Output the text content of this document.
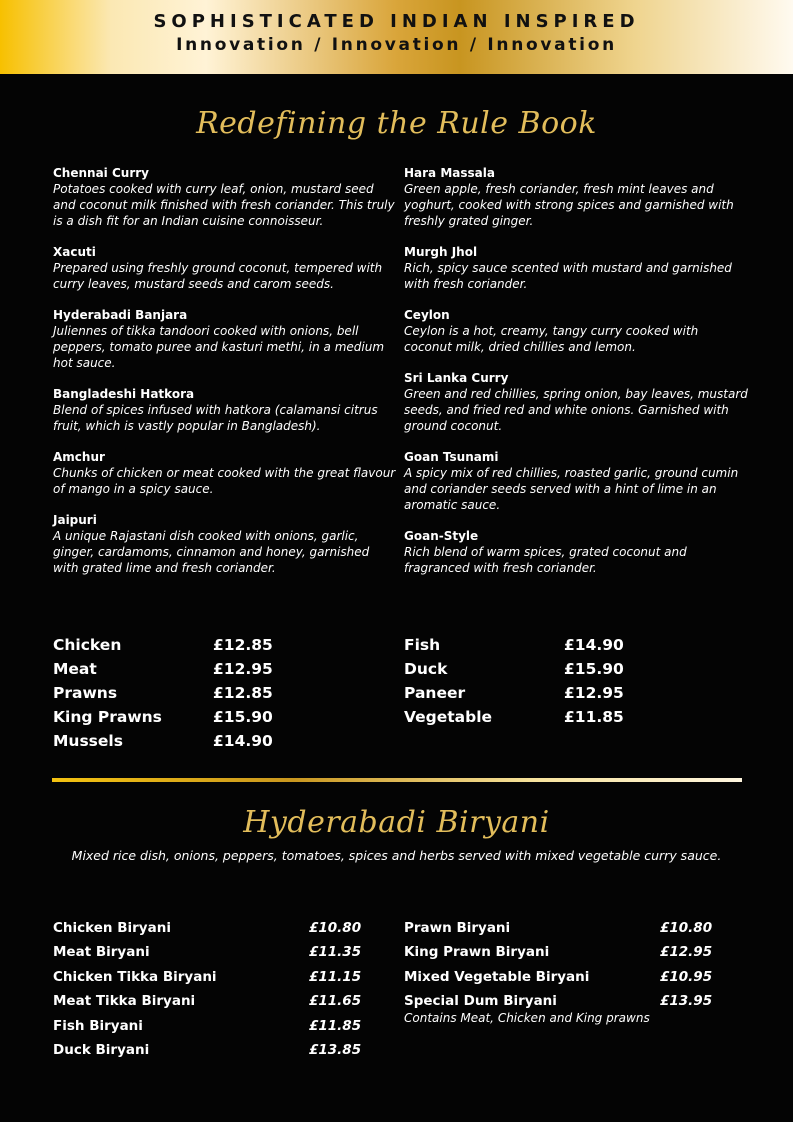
SOPHISTICATED INDIAN INSPIRED
Innovation / Innovation / Innovation
Redefining the Rule Book
Chennai Curry
Potatoes cooked with curry leaf, onion, mustard seed and coconut milk finished with fresh coriander. This truly is a dish fit for an Indian cuisine connoisseur.
Xacuti
Prepared using freshly ground coconut, tempered with curry leaves, mustard seeds and carom seeds.
Hyderabadi Banjara
Juliennes of tikka tandoori cooked with onions, bell peppers, tomato puree and kasturi methi, in a medium hot sauce.
Bangladeshi Hatkora
Blend of spices infused with hatkora (calamansi citrus fruit, which is vastly popular in Bangladesh).
Amchur
Chunks of chicken or meat cooked with the great flavour of mango in a spicy sauce.
Jaipuri
A unique Rajastani dish cooked with onions, garlic, ginger, cardamoms, cinnamon and honey, garnished with grated lime and fresh coriander.
Hara Massala
Green apple, fresh coriander, fresh mint leaves and yoghurt, cooked with strong spices and garnished with freshly grated ginger.
Murgh Jhol
Rich, spicy sauce scented with mustard and garnished with fresh coriander.
Ceylon
Ceylon is a hot, creamy, tangy curry cooked with coconut milk, dried chillies and lemon.
Sri Lanka Curry
Green and red chillies, spring onion, bay leaves, mustard seeds, and fried red and white onions. Garnished with ground coconut.
Goan Tsunami
A spicy mix of red chillies, roasted garlic, ground cumin and coriander seeds served with a hint of lime in an aromatic sauce.
Goan-Style
Rich blend of warm spices, grated coconut and fragranced with fresh coriander.
Chicken	£12.85
Meat	£12.95
Prawns	£12.85
King Prawns	£15.90
Mussels	£14.90
Fish	£14.90
Duck	£15.90
Paneer	£12.95
Vegetable	£11.85
Hyderabadi Biryani
Mixed rice dish, onions, peppers, tomatoes, spices and herbs served with mixed vegetable curry sauce.
Chicken Biryani	£10.80
Meat Biryani	£11.35
Chicken Tikka Biryani	£11.15
Meat Tikka Biryani	£11.65
Fish Biryani	£11.85
Duck Biryani	£13.85
Prawn Biryani	£10.80
King Prawn Biryani	£12.95
Mixed Vegetable Biryani	£10.95
Special Dum Biryani	£13.95
Contains Meat, Chicken and King prawns
